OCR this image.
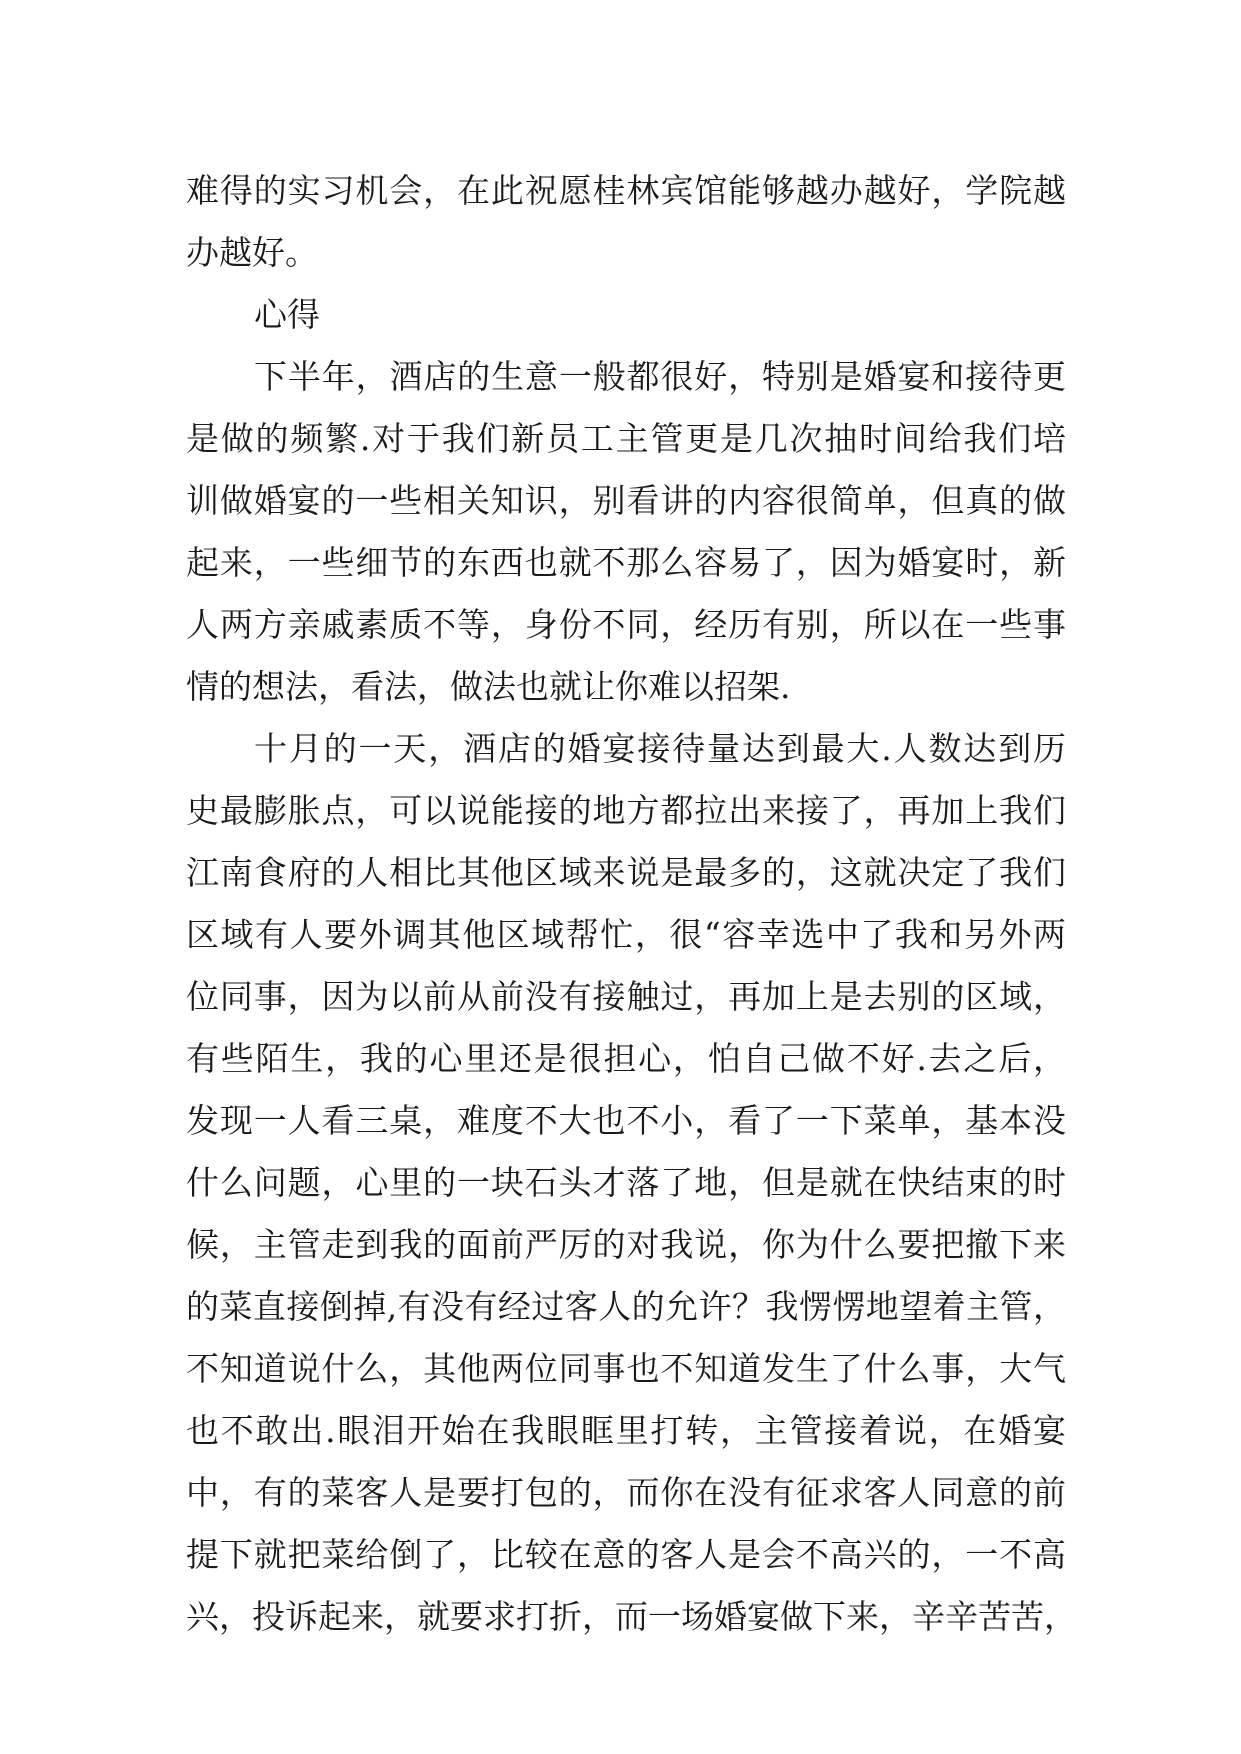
难得的实习机会，在此祝愿桂林宾馆能够越办越好，学院越
办越好。
心得
下半年，酒店的生意一般都很好，特别是婚宴和接待更
是做的频繁.对于我们新员工主管更是几次抽时间给我们培
训做婚宴的一些相关知识，别看讲的内容很简单，但真的做
起来，一些细节的东西也就不那么容易了，因为婚宴时，新
人两方亲戚素质不等，身份不同，经历有别，所以在一些事
情的想法，看法，做法也就让你难以招架.
十月的一天，酒店的婚宴接待量达到最大.人数达到历
史最膨胀点，可以说能接的地方都拉出来接了，再加上我们
江南食府的人相比其他区域来说是最多的，这就决定了我们
区域有人要外调其他区域帮忙，很“容幸选中了我和另外两
位同事，因为以前从前没有接触过，再加上是去别的区域，
有些陌生，我的心里还是很担心，怕自己做不好.去之后，
发现一人看三桌，难度不大也不小，看了一下菜单，基本没
什么问题，心里的一块石头才落了地，但是就在快结束的时
候，主管走到我的面前严厉的对我说，你为什么要把撤下来
的菜直接倒掉,有没有经过客人的允许？我愣愣地望着主管，
不知道说什么，其他两位同事也不知道发生了什么事，大气
也不敢出.眼泪开始在我眼眶里打转，主管接着说，在婚宴
中，有的菜客人是要打包的，而你在没有征求客人同意的前
提下就把菜给倒了，比较在意的客人是会不高兴的，一不高
兴，投诉起来，就要求打折，而一场婚宴做下来，辛辛苦苦，
